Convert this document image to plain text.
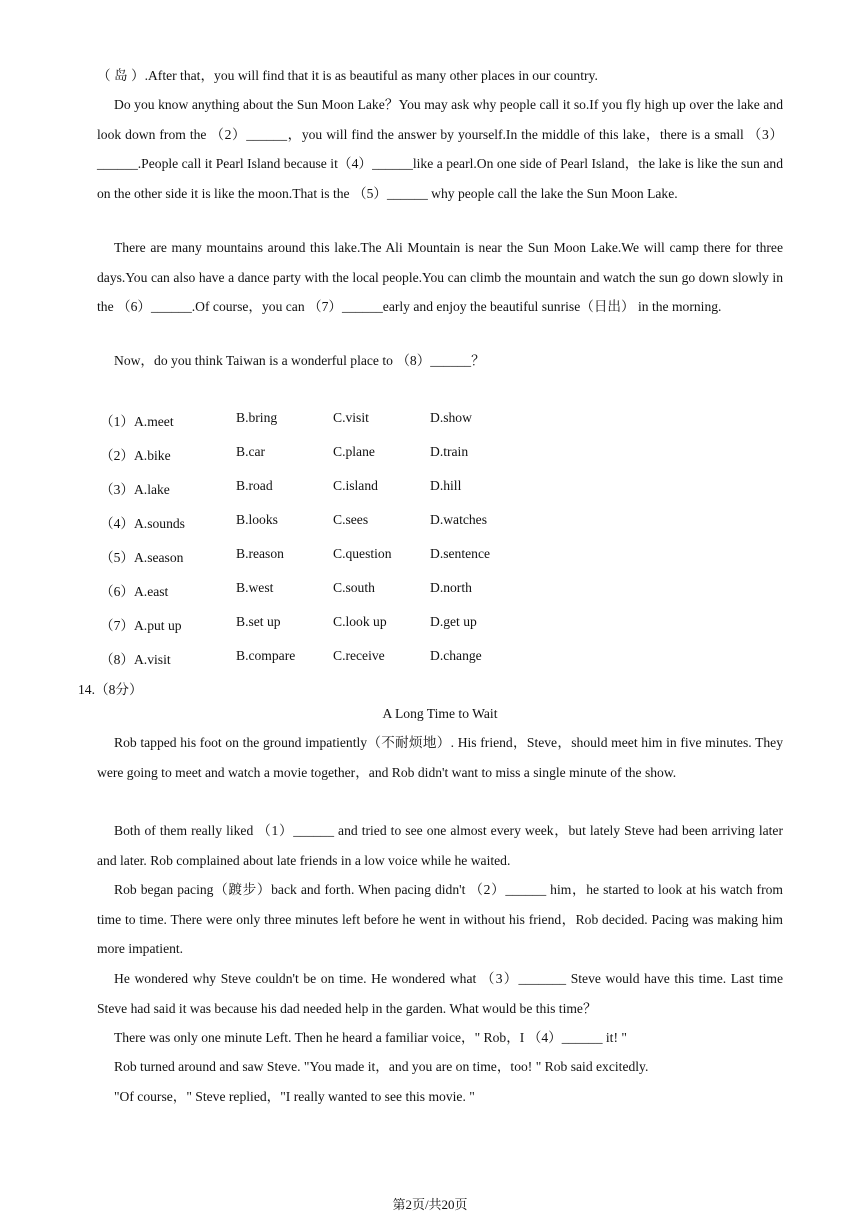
（ 岛 ）.After that，you will find that it is as beautiful as many other places in our country.

Do you know anything about the Sun Moon Lake？You may ask why people call it so.If you fly high up over the lake and look down from the （2）______，you will find the answer by yourself.In the middle of this lake，there is a small （3）______.People call it Pearl Island because it（4）______like a pearl.On one side of Pearl Island，the lake is like the sun and on the other side it is like the moon.That is the （5）______ why people call the lake the Sun Moon Lake.

There are many mountains around this lake.The Ali Mountain is near the Sun Moon Lake.We will camp there for three days.You can also have a dance party with the local people.You can climb the mountain and watch the sun go down slowly in the （6）______.Of course，you can （7）______early and enjoy the beautiful sunrise（日出） in the morning.

Now，do you think Taiwan is a wonderful place to （8）______？

（1）A.meet	B.bring	C.visit	D.show
（2）A.bike	B.car	C.plane	D.train
（3）A.lake	B.road	C.island	D.hill
（4）A.sounds	B.looks	C.sees	D.watches
（5）A.season	B.reason	C.question	D.sentence
（6）A.east	B.west	C.south	D.north
（7）A.put up	B.set up	C.look up	D.get up
（8）A.visit	B.compare	C.receive	D.change
14.（8分）
A Long Time to Wait

Rob tapped his foot on the ground impatiently（不耐烦地）. His friend，Steve，should meet him in five minutes. They were going to meet and watch a movie together，and Rob didn't want to miss a single minute of the show.

Both of them really liked （1）______ and tried to see one almost every week，but lately Steve had been arriving later and later. Rob complained about late friends in a low voice while he waited.

Rob began pacing（踱步）back and forth. When pacing didn't （2）______ him，he started to look at his watch from time to time. There were only three minutes left before he went in without his friend，Rob decided. Pacing was making him more impatient.

He wondered why Steve couldn't be on time. He wondered what （3）_______ Steve would have this time. Last time Steve had said it was because his dad needed help in the garden. What would be this time？

There was only one minute Left. Then he heard a familiar voice，" Rob，I （4）______ it! "

Rob turned around and saw Steve. "You made it，and you are on time，too! " Rob said excitedly.

"Of course，" Steve replied，"I really wanted to see this movie. "

第2页/共20页
